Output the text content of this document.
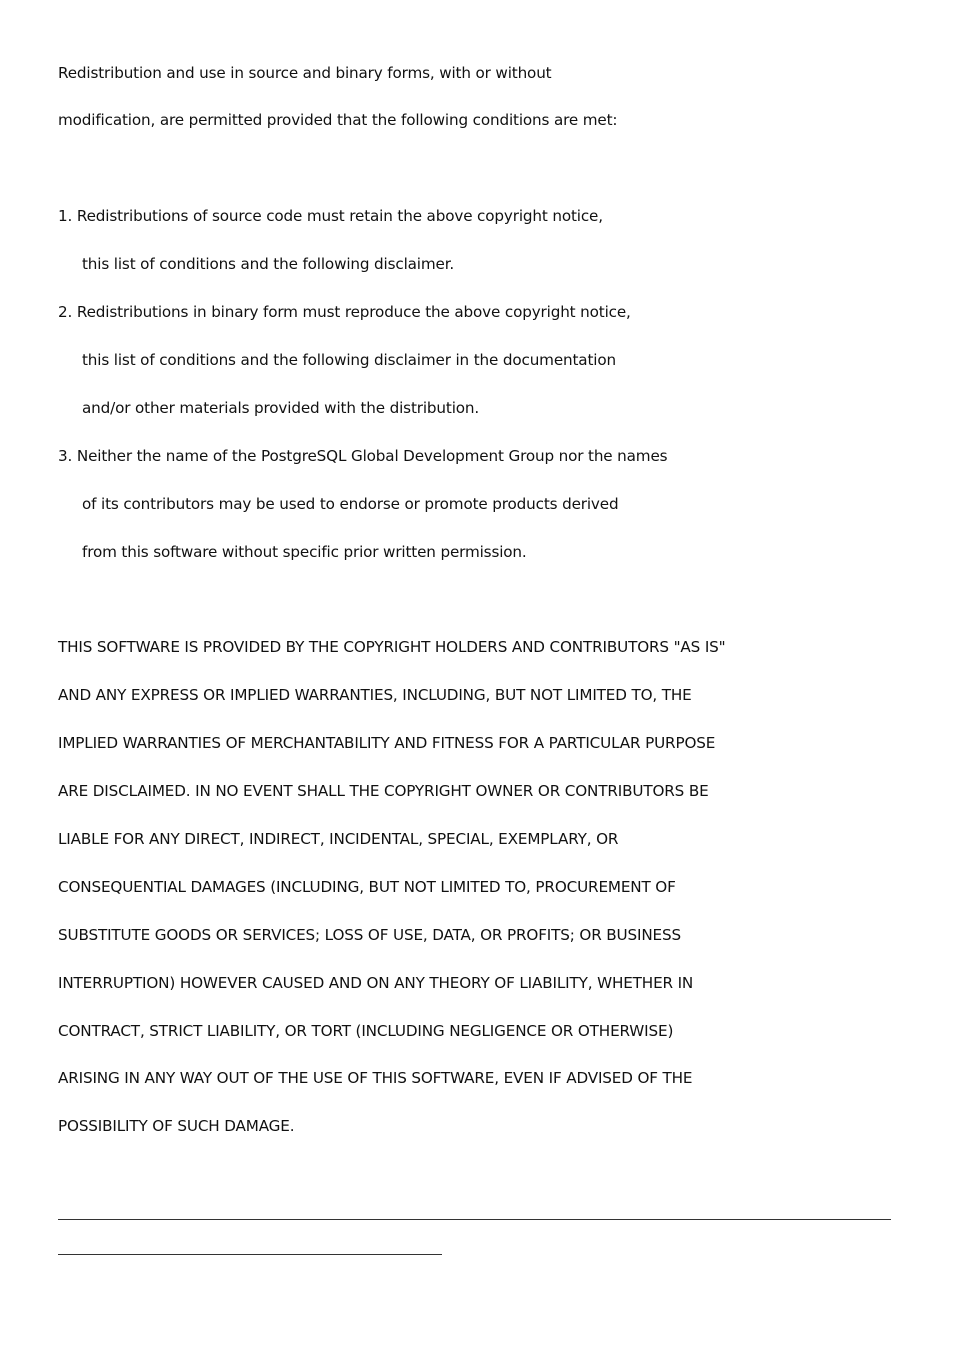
Redistribution and use in source and binary forms, with or without
modification, are permitted provided that the following conditions are met:
1. Redistributions of source code must retain the above copyright notice,
this list of conditions and the following disclaimer.
2. Redistributions in binary form must reproduce the above copyright notice,
this list of conditions and the following disclaimer in the documentation
and/or other materials provided with the distribution.
3. Neither the name of the PostgreSQL Global Development Group nor the names
of its contributors may be used to endorse or promote products derived
from this software without specific prior written permission.
THIS SOFTWARE IS PROVIDED BY THE COPYRIGHT HOLDERS AND CONTRIBUTORS "AS IS"
AND ANY EXPRESS OR IMPLIED WARRANTIES, INCLUDING, BUT NOT LIMITED TO, THE
IMPLIED WARRANTIES OF MERCHANTABILITY AND FITNESS FOR A PARTICULAR PURPOSE
ARE DISCLAIMED. IN NO EVENT SHALL THE COPYRIGHT OWNER OR CONTRIBUTORS BE
LIABLE FOR ANY DIRECT, INDIRECT, INCIDENTAL, SPECIAL, EXEMPLARY, OR
CONSEQUENTIAL DAMAGES (INCLUDING, BUT NOT LIMITED TO, PROCUREMENT OF
SUBSTITUTE GOODS OR SERVICES; LOSS OF USE, DATA, OR PROFITS; OR BUSINESS
INTERRUPTION) HOWEVER CAUSED AND ON ANY THEORY OF LIABILITY, WHETHER IN
CONTRACT, STRICT LIABILITY, OR TORT (INCLUDING NEGLIGENCE OR OTHERWISE)
ARISING IN ANY WAY OUT OF THE USE OF THIS SOFTWARE, EVEN IF ADVISED OF THE
POSSIBILITY OF SUCH DAMAGE.
